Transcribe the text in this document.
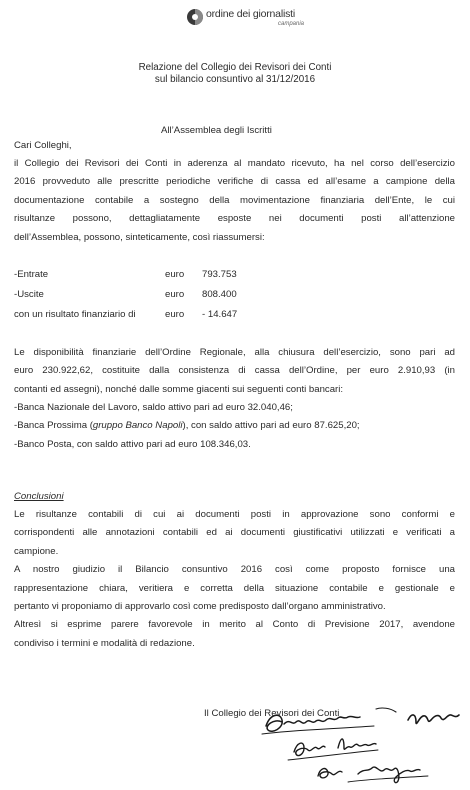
ordine dei giornalisti
campania
Relazione del Collegio dei Revisori dei Conti
sul bilancio consuntivo al 31/12/2016
All’Assemblea degli Iscritti
Cari Colleghi,
il Collegio dei Revisori dei Conti in aderenza al mandato ricevuto, ha nel corso dell’esercizio
2016 provveduto alle prescritte periodiche verifiche di cassa ed all’esame a campione della
documentazione contabile a sostegno della movimentazione finanziaria dell’Ente, le cui
risultanze possono, dettagliatamente esposte nei documenti posti all’attenzione
dell’Assemblea, possono, sinteticamente, così riassumersi:
-Entrate	euro 793.753
-Uscite	euro 808.400
con un risultato finanziario di	euro - 14.647
Le disponibilità finanziarie dell’Ordine Regionale, alla chiusura dell’esercizio, sono pari ad
euro 230.922,62, costituite dalla consistenza di cassa dell’Ordine, per euro 2.910,93 (in
contanti ed assegni), nonché dalle somme giacenti sui seguenti conti bancari:
-Banca Nazionale del Lavoro, saldo attivo pari ad euro 32.040,46;
-Banca Prossima (gruppo Banco Napoli), con saldo attivo pari ad euro 87.625,20;
-Banco Posta, con saldo attivo pari ad euro 108.346,03.
Conclusioni
Le risultanze contabili di cui ai documenti posti in approvazione sono conformi e
corrispondenti alle annotazioni contabili ed ai documenti giustificativi utilizzati e verificati a
campione.
A nostro giudizio il Bilancio consuntivo 2016 così come proposto fornisce una
rappresentazione chiara, veritiera e corretta della situazione contabile e gestionale e
pertanto vi proponiamo di approvarlo così come predisposto dall’organo amministrativo.
Altresì si esprime parere favorevole in merito al Conto di Previsione 2017, avendone
condiviso i termini e modalità di redazione.
Il Collegio dei Revisori dei Conti
